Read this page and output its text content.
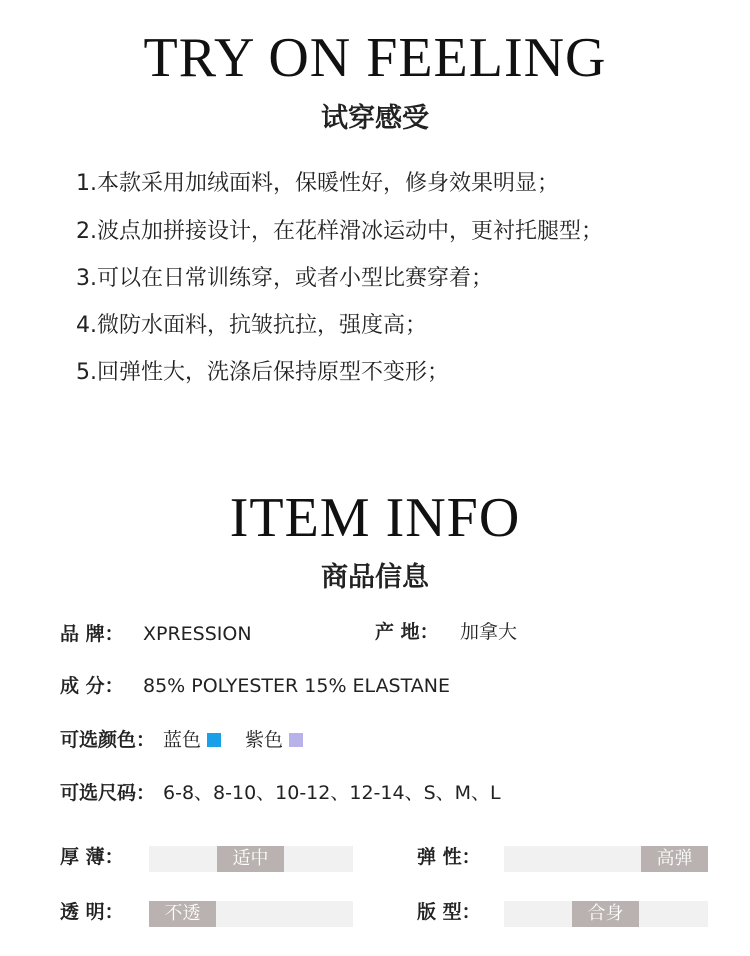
TRY ON FEELING
试穿感受
1.本款采用加绒面料，保暖性好，修身效果明显；
2.波点加拼接设计，在花样滑冰运动中，更衬托腿型；
3.可以在日常训练穿，或者小型比赛穿着；
4.微防水面料，抗皱抗拉，强度高；
5.回弹性大，洗涤后保持原型不变形；
ITEM INFO
商品信息
品 牌： XPRESSION	产 地： 加拿大
成 分： 85% POLYESTER 15% ELASTANE
可选颜色： 蓝色 紫色
可选尺码： 6-8、8-10、10-12、12-14、S、M、L
厚 薄：	适中	弹 性：	高弹
透 明：	不透	版 型：	合身
